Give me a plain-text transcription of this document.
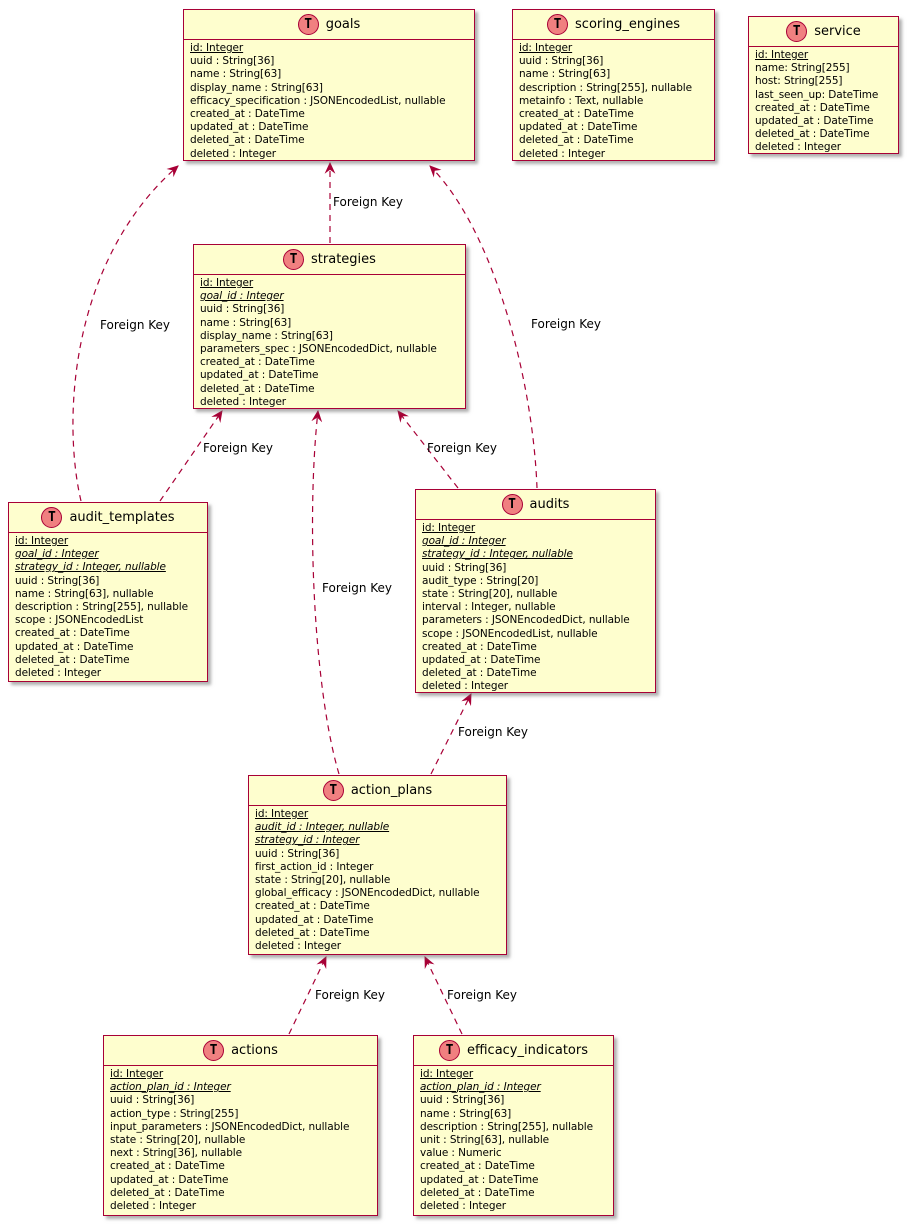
T	goals
id: Integer
uuid : String[36]
name : String[63]
display_name : String[63]
efficacy_specification : JSONEncodedList, nullable
created_at : DateTime
updated_at : DateTime
deleted_at : DateTime
deleted : Integer
T	scoring_engines
id: Integer
uuid : String[36]
name : String[63]
description : String[255], nullable
metainfo : Text, nullable
created_at : DateTime
updated_at : DateTime
deleted_at : DateTime
deleted : Integer
T	service
id: Integer
name: String[255]
host: String[255]
last_seen_up: DateTime
created_at : DateTime
updated_at : DateTime
deleted_at : DateTime
deleted : Integer
T	strategies
id: Integer
goal_id : Integer
uuid : String[36]
name : String[63]
display_name : String[63]
parameters_spec : JSONEncodedDict, nullable
created_at : DateTime
updated_at : DateTime
deleted_at : DateTime
deleted : Integer
T	audit_templates
id: Integer
goal_id : Integer
strategy_id : Integer, nullable
uuid : String[36]
name : String[63], nullable
description : String[255], nullable
scope : JSONEncodedList
created_at : DateTime
updated_at : DateTime
deleted_at : DateTime
deleted : Integer
T	audits
id: Integer
goal_id : Integer
strategy_id : Integer, nullable
uuid : String[36]
audit_type : String[20]
state : String[20], nullable
interval : Integer, nullable
parameters : JSONEncodedDict, nullable
scope : JSONEncodedList, nullable
created_at : DateTime
updated_at : DateTime
deleted_at : DateTime
deleted : Integer
T	action_plans
id: Integer
audit_id : Integer, nullable
strategy_id : Integer
uuid : String[36]
first_action_id : Integer
state : String[20], nullable
global_efficacy : JSONEncodedDict, nullable
created_at : DateTime
updated_at : DateTime
deleted_at : DateTime
deleted : Integer
T	actions
id: Integer
action_plan_id : Integer
uuid : String[36]
action_type : String[255]
input_parameters : JSONEncodedDict, nullable
state : String[20], nullable
next : String[36], nullable
created_at : DateTime
updated_at : DateTime
deleted_at : DateTime
deleted : Integer
T	efficacy_indicators
id: Integer
action_plan_id : Integer
uuid : String[36]
name : String[63]
description : String[255], nullable
unit : String[63], nullable
value : Numeric
created_at : DateTime
updated_at : DateTime
deleted_at : DateTime
deleted : Integer
Foreign Key
Foreign Key	Foreign Key
Foreign Key	Foreign Key
Foreign Key
Foreign Key
Foreign Key	Foreign Key
